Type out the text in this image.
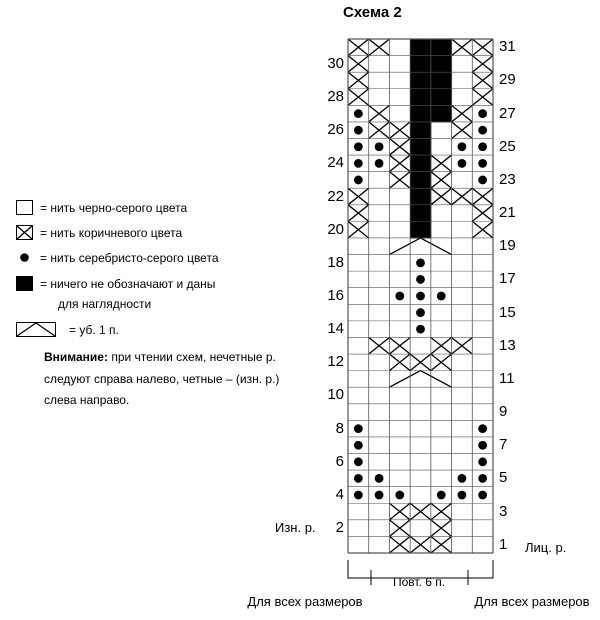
Схема 2
= нить черно-серого цвета
= нить коричневого цвета
= нить серебристо-серого цвета
= ничего не обозначают и даны
для наглядности
= уб. 1 п.
Внимание: при чтении схем, нечетные р.
следуют справа налево, четные – (изн. р.)
слева направо.
30
28
26
24
22
20
18
16
14
12
10
8
6
4
2
31
29
27
25
23
21
19
17
15
13
11
9
7
5
3
1
Изн. р.
Лиц. р.
Повт. 6 п.
Для всех размеров	Для всех размеров
